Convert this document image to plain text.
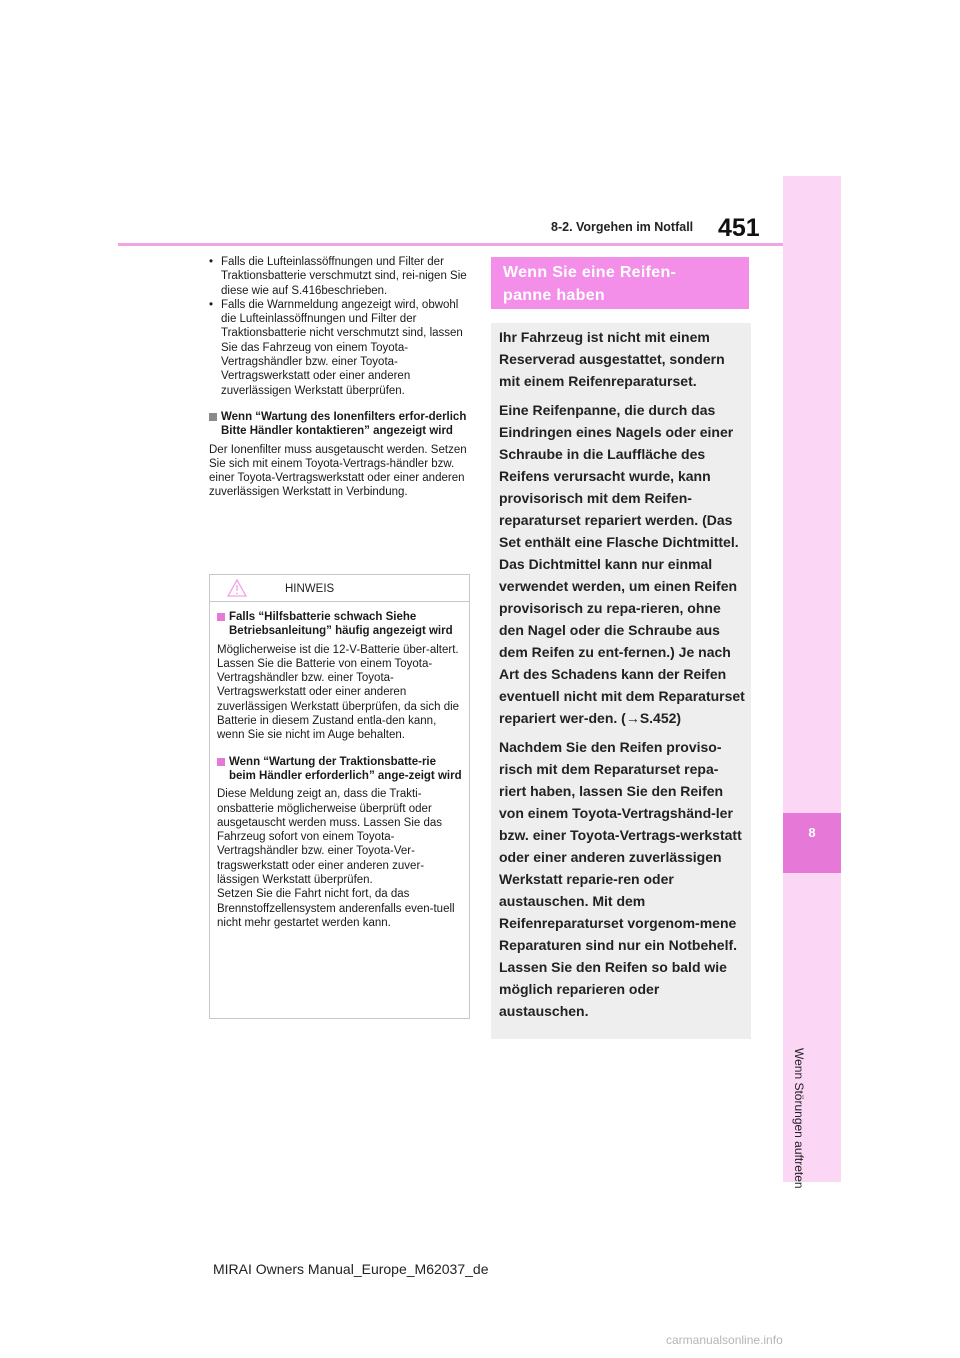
8-2. Vorgehen im Notfall 451
8
Wenn Störungen auftreten
• Falls die Lufteinlassöffnungen und Filter der Traktionsbatterie verschmutzt sind, rei-nigen Sie diese wie auf S.416beschrieben.
• Falls die Warnmeldung angezeigt wird, obwohl die Lufteinlassöffnungen und Filter der Traktionsbatterie nicht verschmutzt sind, lassen Sie das Fahrzeug von einem Toyota-Vertragshändler bzw. einer Toyota-Vertragswerkstatt oder einer anderen zuverlässigen Werkstatt überprüfen.
Wenn “Wartung des Ionenfilters erfor-derlich Bitte Händler kontaktieren” angezeigt wird
Der Ionenfilter muss ausgetauscht werden. Setzen Sie sich mit einem Toyota-Vertrags-händler bzw. einer Toyota-Vertragswerkstatt oder einer anderen zuverlässigen Werkstatt in Verbindung.
HINWEIS
Falls “Hilfsbatterie schwach Siehe Betriebsanleitung” häufig angezeigt wird
Möglicherweise ist die 12-V-Batterie über-altert. Lassen Sie die Batterie von einem Toyota-Vertragshändler bzw. einer Toyota-Vertragswerkstatt oder einer anderen zuverlässigen Werkstatt überprüfen, da sich die Batterie in diesem Zustand entla-den kann, wenn Sie sie nicht im Auge behalten.
Wenn “Wartung der Traktionsbatte-rie beim Händler erforderlich” ange-zeigt wird
Diese Meldung zeigt an, dass die Trakti-onsbatterie möglicherweise überprüft oder ausgetauscht werden muss. Lassen Sie das Fahrzeug sofort von einem Toyota-Vertragshändler bzw. einer Toyota-Ver-tragswerkstatt oder einer anderen zuver-lässigen Werkstatt überprüfen.
Setzen Sie die Fahrt nicht fort, da das Brennstoffzellensystem anderenfalls even-tuell nicht mehr gestartet werden kann.
Wenn Sie eine Reifen-
panne haben

Ihr Fahrzeug ist nicht mit einem Reserverad ausgestattet, sondern mit einem Reifenreparaturset.

Eine Reifenpanne, die durch das Eindringen eines Nagels oder einer Schraube in die Lauffläche des Reifens verursacht wurde, kann provisorisch mit dem Reifen-reparaturset repariert werden. (Das Set enthält eine Flasche Dichtmittel. Das Dichtmittel kann nur einmal verwendet werden, um einen Reifen provisorisch zu repa-rieren, ohne den Nagel oder die Schraube aus dem Reifen zu ent-fernen.) Je nach Art des Schadens kann der Reifen eventuell nicht mit dem Reparaturset repariert wer-den. (→S.452)

Nachdem Sie den Reifen proviso-risch mit dem Reparaturset repa-riert haben, lassen Sie den Reifen von einem Toyota-Vertragshänd-ler bzw. einer Toyota-Vertrags-werkstatt oder einer anderen zuverlässigen Werkstatt reparie-ren oder austauschen. Mit dem Reifenreparaturset vorgenom-mene Reparaturen sind nur ein Notbehelf. Lassen Sie den Reifen so bald wie möglich reparieren oder austauschen.

MIRAI Owners Manual_Europe_M62037_de
carmanualsonline.info
